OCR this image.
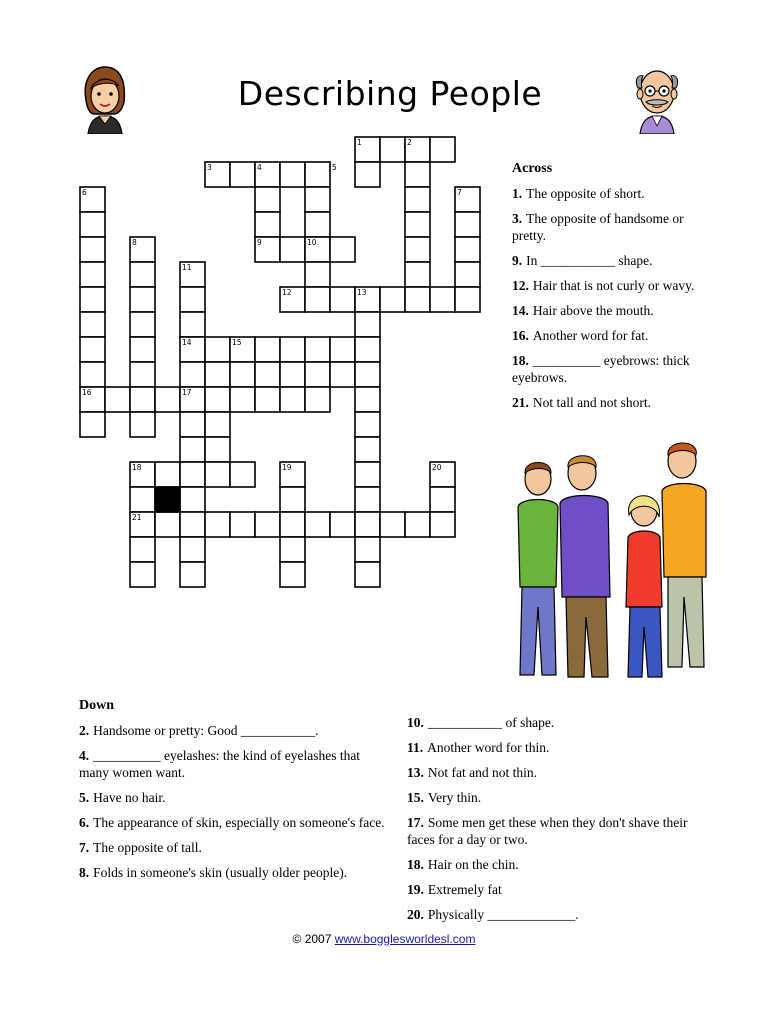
Describing People
1	2
3	4	5
6	7
8	9	10
11
12	13
14	15
16	17
18	19	20
21
Across
1. The opposite of short.
3. The opposite of handsome or pretty.
9. In ___________ shape.
12. Hair that is not curly or wavy.
14. Hair above the mouth.
16. Another word for fat.
18. __________ eyebrows: thick eyebrows.
21. Not tall and not short.
Down
2. Handsome or pretty: Good ___________.
4. __________ eyelashes: the kind of eyelashes that many women want.
5. Have no hair.
6. The appearance of skin, especially on someone's face.
7. The opposite of tall.
8. Folds in someone's skin (usually older people).
10. ___________ of shape.
11. Another word for thin.
13. Not fat and not thin.
15. Very thin.
17. Some men get these when they don't shave their faces for a day or two.
18. Hair on the chin.
19. Extremely fat
20. Physically _____________.
© 2007 www.bogglesworldesl.com
